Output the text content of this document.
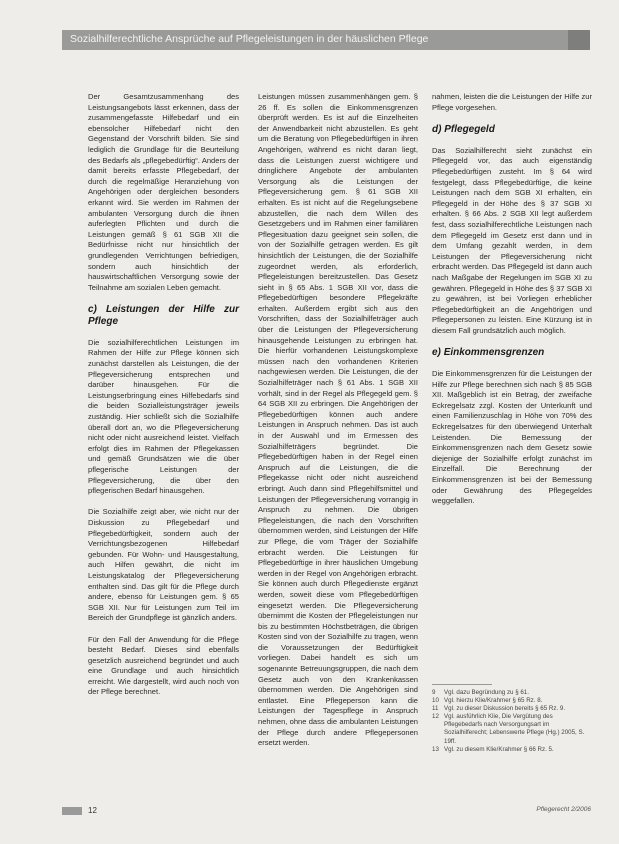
Sozialhilferechtliche Ansprüche auf Pflegeleistungen in der häuslichen Pflege

Der Gesamtzusammenhang des Leistungsangebots lässt erkennen, dass der zusammengefasste Hilfebedarf und ein ebensolcher Hilfebedarf nicht den Gegenstand der Vorschrift bilden. Sie sind lediglich die Grundlage für die Beurteilung des Bedarfs als „pflegebedürftig“. Anders der damit bereits erfasste Pflegebedarf, der durch die regelmäßige Heranziehung von Angehörigen oder dergleichen besonders erkannt wird. Sie werden im Rahmen der ambulanten Versorgung durch die ihnen auferlegten Pflichten und durch die Leistungen gemäß § 61 SGB XII die Bedürfnisse nicht nur hinsichtlich der grundlegenden Verrichtungen befriedigen, sondern auch hinsichtlich der hauswirtschaftlichen Versorgung sowie der Teilnahme am sozialen Leben gemacht.

c) Leistungen der Hilfe zur Pflege

Die sozialhilferechtlichen Leistungen im Rahmen der Hilfe zur Pflege können sich zunächst darstellen als Leistungen, die der Pflegeversicherung entsprechen und darüber hinausgehen. Für die Leistungserbringung eines Hilfebedarfs sind die beiden Sozialleistungsträger jeweils zuständig. Hier schließt sich die Sozialhilfe überall dort an, wo die Pflegeversicherung nicht oder nicht ausreichend leistet. Vielfach erfolgt dies im Rahmen der Pflegekassen und gemäß Grundsätzen wie die über pflegerische Leistungen der Pflegeversicherung, die über den pflegerischen Bedarf hinausgehen.

Die Sozialhilfe zeigt aber, wie nicht nur der Diskussion zu Pflegebedarf und Pflegebedürftigkeit, sondern auch der Verrichtungsbezogenen Hilfebedarf gebunden. Für Wohn- und Hausgestaltung, auch Hilfen gewährt, die nicht im Leistungskatalog der Pflegeversicherung enthalten sind. Das gilt für die Pflege durch andere, ebenso für Leistungen gem. § 65 SGB XII. Nur für Leistungen zum Teil im Bereich der Grundpflege ist gänzlich anders.

Für den Fall der Anwendung für die Pflege besteht Bedarf. Dieses sind ebenfalls gesetzlich ausreichend begründet und auch eine Grundlage und auch hinsichtlich erreicht. Wie dargestellt, wird auch noch von der Pflege berechnet.

Leistungen müssen zusammenhängen gem. § 26 ff. Es sollen die Einkommensgrenzen überprüft werden. Es ist auf die Einzelheiten der Anwendbarkeit nicht abzustellen. Es geht um die Beratung von Pflegebedürftigen in ihren Angehörigen, während es nicht daran liegt, dass die Leistungen zuerst wichtigere und dringlichere Angebote der ambulanten Versorgung als die Leistungen der Pflegeversicherung gem. § 61 SGB XII erhalten. Es ist nicht auf die Regelungsebene abzustellen, die nach dem Willen des Gesetzgebers und im Rahmen einer familiären Pflegesituation dazu geeignet sein sollen, die von der Sozialhilfe getragen werden. Es gilt hinsichtlich der Leistungen, die der Sozialhilfe zugeordnet werden, als erforderlich, Pflegeleistungen bereitzustellen. Das Gesetz sieht in § 65 Abs. 1 SGB XII vor, dass die Pflegebedürftigen besondere Pflegekräfte erhalten. Außerdem ergibt sich aus den Vorschriften, dass der Sozialhilfeträger auch über die Leistungen der Pflegeversicherung hinausgehende Leistungen zu erbringen hat. Die hierfür vorhandenen Leistungskomplexe müssen nach den vorhandenen Kriterien nachgewiesen werden. Die Leistungen, die der Sozialhilfeträger nach § 61 Abs. 1 SGB XII vorhält, sind in der Regel als Pflegegeld gem. § 64 SGB XII zu erbringen. Die Angehörigen der Pflegebedürftigen können auch andere Leistungen in Anspruch nehmen. Das ist auch in der Auswahl und im Ermessen des Sozialhilfeträgers begründet. Die Pflegebedürftigen haben in der Regel einen Anspruch auf die Leistungen, die die Pflegekasse nicht oder nicht ausreichend erbringt. Auch dann sind Pflegehilfsmittel und Leistungen der Pflegeversicherung vorrangig in Anspruch zu nehmen. Die übrigen Pflegeleistungen, die nach den Vorschriften übernommen werden, sind Leistungen der Hilfe zur Pflege, die vom Träger der Sozialhilfe erbracht werden. Die Leistungen für Pflegebedürftige in ihrer häuslichen Umgebung werden in der Regel von Angehörigen erbracht. Sie können auch durch Pflegedienste ergänzt werden, soweit diese vom Pflegebedürftigen eingesetzt werden. Die Pflegeversicherung übernimmt die Kosten der Pflegeleistungen nur bis zu bestimmten Höchstbeträgen, die übrigen Kosten sind von der Sozialhilfe zu tragen, wenn die Voraussetzungen der Bedürftigkeit vorliegen. Dabei handelt es sich um sogenannte Betreuungsgruppen, die nach dem Gesetz auch von den Krankenkassen übernommen werden. Die Angehörigen sind entlastet. Eine Pflegeperson kann die Leistungen der Tagespflege in Anspruch nehmen, ohne dass die ambulanten Leistungen der Pflege durch andere Pflegepersonen ersetzt werden.

nahmen, leisten die die Leistungen der Hilfe zur Pflege vorgesehen.

d) Pflegegeld

Das Sozialhilferecht sieht zunächst ein Pflegegeld vor, das auch eigenständig Pflegebedürftigen zusteht. Im § 64 wird festgelegt, dass Pflegebedürftige, die keine Leistungen nach dem SGB XI erhalten, ein Pflegegeld in der Höhe des § 37 SGB XI erhalten. § 66 Abs. 2 SGB XII legt außerdem fest, dass sozialhilferechtliche Leistungen nach dem Pflegegeld im Gesetz erst dann und in dem Umfang gezahlt werden, in dem Leistungen der Pflegeversicherung nicht erbracht werden. Das Pflegegeld ist dann auch nach Maßgabe der Regelungen im SGB XI zu gewähren. Pflegegeld in Höhe des § 37 SGB XI zu gewähren, ist bei Vorliegen erheblicher Pflegebedürftigkeit an die Angehörigen und Pflegepersonen zu leisten. Eine Kürzung ist in diesem Fall grundsätzlich auch möglich.

e) Einkommensgrenzen

Die Einkommensgrenzen für die Leistungen der Hilfe zur Pflege berechnen sich nach § 85 SGB XII. Maßgeblich ist ein Betrag, der zweifache Eckregelsatz zzgl. Kosten der Unterkunft und einen Familienzuschlag in Höhe von 70% des Eckregelsatzes für den überwiegend Unterhalt Leistenden. Die Bemessung der Einkommensgrenzen nach dem Gesetz sowie diejenige der Sozialhilfe erfolgt zunächst im Einzelfall. Die Berechnung der Einkommensgrenzen ist bei der Bemessung oder Gewährung des Pflegegeldes weggefallen.

9	Vgl. dazu Begründung zu § 61.
10 Vgl. hierzu Klie/Krahmer § 65 Rz. 8.
11 Vgl. zu dieser Diskussion bereits § 65 Rz. 9.
12 Vgl. ausführlich Klie, Die Vergütung des Pflegebedarfs nach Versorgungsart im Sozialhilferecht; Lebenswerte Pflege (Hg.) 2005, S. 19ff.
13 Vgl. zu diesem Klie/Krahmer § 66 Rz. 5.
12	Pflegerecht 2/2006
